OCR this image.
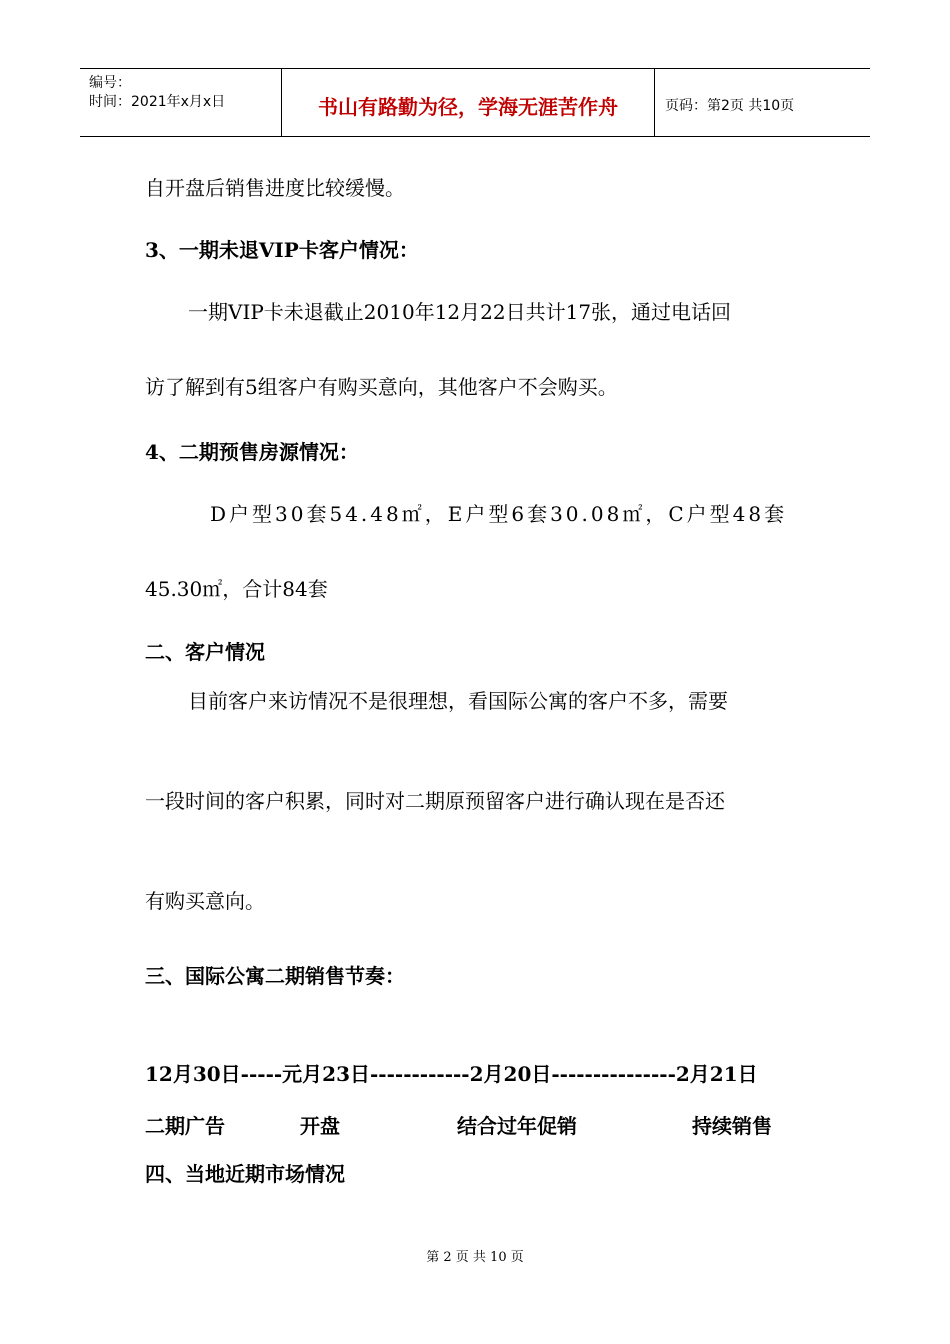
编号：
时间：2021年x月x日	书山有路勤为径，学海无涯苦作舟	页码：第2页 共10页
自开盘后销售进度比较缓慢。
3、一期未退VIP卡客户情况：
一期VIP卡未退截止2010年12月22日共计17张，通过电话回
访了解到有5组客户有购买意向，其他客户不会购买。
4、二期预售房源情况：
D户型30套54.48㎡，E户型6套30.08㎡，C户型48套
45.30㎡，合计84套
二、客户情况
目前客户来访情况不是很理想，看国际公寓的客户不多，需要
一段时间的客户积累，同时对二期原预留客户进行确认现在是否还
有购买意向。
三、国际公寓二期销售节奏：
12月30日-----元月23日------------2月20日---------------2月21日
二期广告	开盘	结合过年促销	持续销售
四、当地近期市场情况
第 2 页 共 10 页
